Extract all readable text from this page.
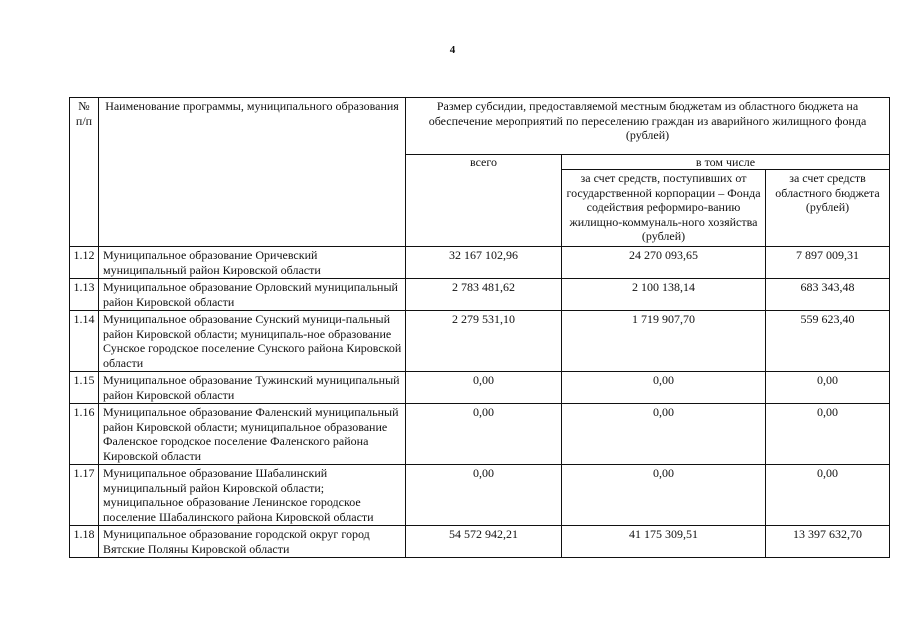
4
№ п/п	Наименование программы, муниципального образования	Размер субсидии, предоставляемой местным бюджетам из областного бюджета на обеспечение мероприятий по переселению граждан из аварийного жилищного фонда (рублей)		
		всего	в том числе	
			за счет средств, поступивших от государственной корпорации – Фонда содействия реформиро-ванию жилищно-коммуналь-ного хозяйства (рублей)	за счет средств областного бюджета (рублей)
1.12	Муниципальное образование Оричевский муниципальный район Кировской области	32 167 102,96	24 270 093,65	7 897 009,31
1.13	Муниципальное образование Орловский муниципальный район Кировской области	2 783 481,62	2 100 138,14	683 343,48
1.14	Муниципальное образование Сунский муници-пальный район Кировской области; муниципаль-ное образование Сунское городское поселение Сунского района Кировской области	2 279 531,10	1 719 907,70	559 623,40
1.15	Муниципальное образование Тужинский муниципальный район Кировской области	0,00	0,00	0,00
1.16	Муниципальное образование Фаленский муниципальный район Кировской области; муниципальное образование Фаленское городское поселение Фаленского района Кировской области	0,00	0,00	0,00
1.17	Муниципальное образование Шабалинский муниципальный район Кировской области; муниципальное образование Ленинское городское поселение Шабалинского района Кировской области	0,00	0,00	0,00
1.18	Муниципальное образование городской округ город Вятские Поляны Кировской области	54 572 942,21	41 175 309,51	13 397 632,70
